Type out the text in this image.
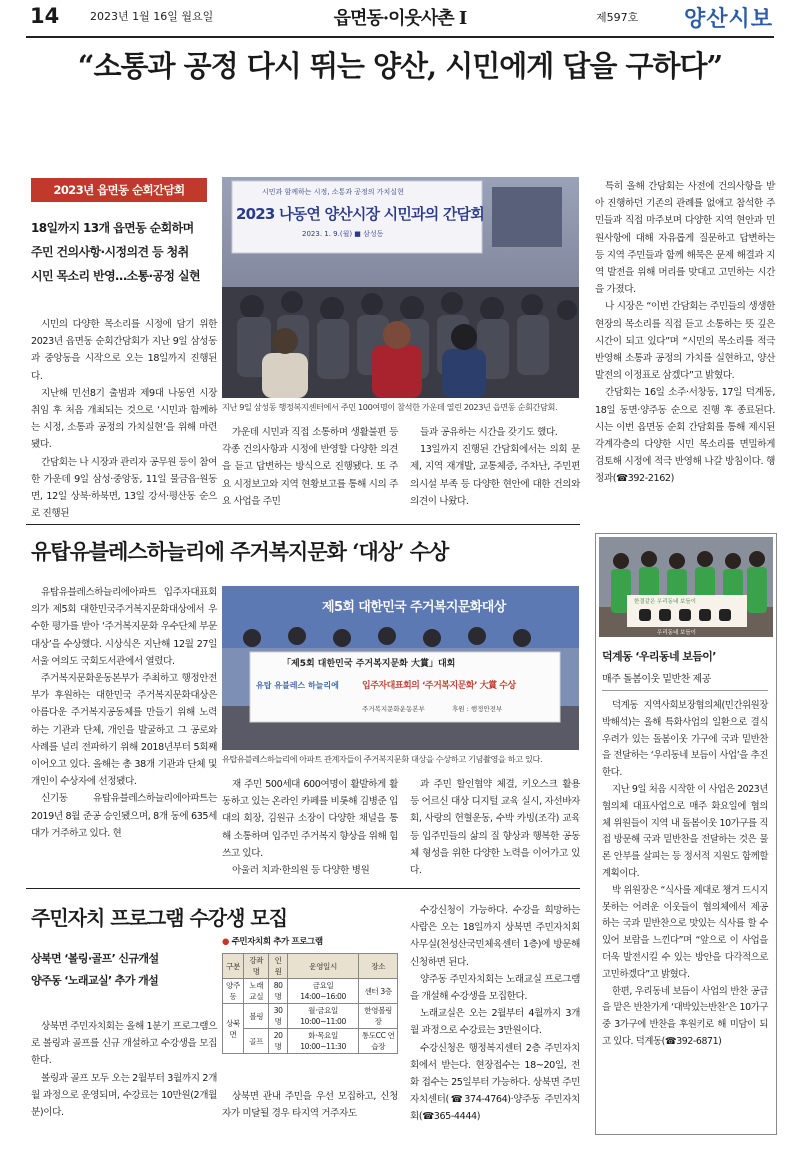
14	2023년 1월 16일 월요일	읍면동·이웃사촌 Ⅰ	제597호 양산시보
“소통과 공정 다시 뛰는 양산, 시민에게 답을 구하다”
2023년 읍면동 순회간담회
18일까지 13개 읍면동 순회하며
주민 건의사항·시정의견 등 청취
시민 목소리 반영…소통·공정 실현

시민의 다양한 목소리를 시정에 담기 위한 2023년 읍면동 순회간담회가 지난 9일 삼성동과 중앙동을 시작으로 오는 18일까지 진행된다.
지난해 민선8기 출범과 제9대 나동연 시장 취임 후 처음 개최되는 것으로 ‘시민과 함께하는 시정, 소통과 공정의 가치실현’을 위해 마련됐다.
간담회는 나 시장과 관리자 공무원 등이 참여한 가운데 9일 삼성·중앙동, 11일 물금읍·원동면, 12일 상북·하북면, 13일 강서·평산동 순으로 진행된

시민과 함께하는 시정, 소통과 공정의 가치실현
2023 나동연 양산시장 시민과의 간담회
2023. 1. 9.(월) ■ 삼성동
지난 9일 삼성동 행정복지센터에서 주민 100여명이 참석한 가운데 열린 2023년 읍면동 순회간담회.

가운데 시민과 직접 소통하며 생활불편 등 각종 건의사항과 시정에 반영할 다양한 의견을 듣고 답변하는 방식으로 진행됐다. 또 주요 시정보고와 지역 현황보고를 통해 시의 주요 사업을 주민

들과 공유하는 시간을 갖기도 했다.
13일까지 진행된 간담회에서는 의회 문제, 지역 재개발, 교통체증, 주차난, 주민편의시설 부족 등 다양한 현안에 대한 건의와 의견이 나왔다.

특히 올해 간담회는 사전에 건의사항을 받아 진행하던 기존의 관례를 없애고 참석한 주민들과 직접 마주보며 다양한 지역 현안과 민원사항에 대해 자유롭게 질문하고 답변하는 등 지역 주민들과 함께 해묵은 문제 해결과 지역 발전을 위해 머리를 맞대고 고민하는 시간을 가졌다.
나 시장은 “이번 간담회는 주민들의 생생한 현장의 목소리를 직접 듣고 소통하는 뜻 깊은 시간이 되고 있다”며 “시민의 목소리를 적극 반영해 소통과 공정의 가치를 실현하고, 양산 발전의 이정표로 삼겠다”고 밝혔다.
간담회는 16일 소주·서창동, 17일 덕계동, 18일 동면·양주동 순으로 진행 후 종료된다. 시는 이번 읍면동 순회 간담회를 통해 제시된 각계각층의 다양한 시민 목소리를 면밀하게 검토해 시정에 적극 반영해 나갈 방침이다. 행정과(☎392-2162)

유탑유블레스하늘리에 주거복지문화 ‘대상’ 수상

유탑유블레스하늘리에아파트 입주자대표회의가 제5회 대한민국주거복지문화대상에서 우수한 평가를 받아 ‘주거복지문화 우수단체 부문 대상’을 수상했다. 시상식은 지난해 12월 27일 서울 여의도 국회도서관에서 열렸다.
주거복지문화운동본부가 주최하고 행정안전부가 후원하는 대한민국 주거복지문화대상은 아름다운 주거복지공동체를 만들기 위해 노력하는 기관과 단체, 개인을 발굴하고 그 공로와 사례를 널리 전파하기 위해 2018년부터 5회째 이어오고 있다. 올해는 총 38개 기관과 단체 및 개인이 수상자에 선정됐다.
신기동 유탑유블레스하늘리에아파트는 2019년 8월 준공 승인됐으며, 8개 동에 635세대가 거주하고 있다. 현

제5회 대한민국 주거복지문화대상
「제5회 대한민국 주거복지문화 大賞」대회
유탑 유블레스 하늘리에	입주자대표회의 ‘주거복지문화’ 大賞 수상
주거복지문화운동본부	후원 : 행정안전부
유탑유블레스하늘리에 아파트 관계자들이 주거복지문화 대상을 수상하고 기념촬영을 하고 있다.

재 주민 500세대 600여명이 활발하게 활동하고 있는 온라인 카페를 비롯해 김병준 입대의 회장, 김원규 소장이 다양한 채널을 통해 소통하며 입주민 주거복지 향상을 위해 힘쓰고 있다.
아울러 치과·한의원 등 다양한 병원

과 주민 할인협약 체결, 키오스크 활용 등 어르신 대상 디지털 교육 실시, 자선바자회, 사랑의 헌혈운동, 수박 카빙(조각) 교육 등 입주민들의 삶의 질 향상과 행복한 공동체 형성을 위한 다양한 노력을 이어가고 있다.

주민자치 프로그램 수강생 모집
상북면 ‘볼링·골프’ 신규개설
양주동 ‘노래교실’ 추가 개설

상북면 주민자치회는 올해 1분기 프로그램으로 볼링과 골프를 신규 개설하고 수강생을 모집한다.
볼링과 골프 모두 오는 2월부터 3월까지 2개월 과정으로 운영되며, 수강료는 10만원(2개월분)이다.

● 주민자치회 추가 프로그램
구분	강좌명	인원	운영일시	장소
양주동	노래교실	80명	금요일 14:00~16:00	센터 3층
상북면	볼링	30명	월·금요일 10:00~11:00	한영볼링장
	골프	20명	화·목요일 10:00~11:30	통도CC 연습장

상북면 관내 주민을 우선 모집하고, 신청자가 미달될 경우 타지역 거주자도

수강신청이 가능하다. 수강을 희망하는 사람은 오는 18일까지 상북면 주민자치회 사무실(천성산국민체육센터 1층)에 방문해 신청하면 된다.
양주동 주민자치회는 노래교실 프로그램을 개설해 수강생을 모집한다.
노래교실은 오는 2월부터 4월까지 3개월 과정으로 수강료는 3만원이다.
수강신청은 행정복지센터 2층 주민자치회에서 받는다. 현장접수는 18~20일, 전화 접수는 25일부터 가능하다. 상북면 주민자치센터(☎374-4764)·양주동 주민자치회(☎365-4444)

한결같은 우리동네 보듬이
우리동네 보듬이
덕계동 ‘우리동네 보듬이’
매주 돌봄이웃 밑반찬 제공

덕계동 지역사회보장협의체(민간위원장 박해석)는 올해 특화사업의 일환으로 결식 우려가 있는 돌봄이웃 가구에 국과 밑반찬을 전달하는 ‘우리동네 보듬이 사업’을 추진한다.
지난 9일 처음 시작한 이 사업은 2023년 협의체 대표사업으로 매주 화요일에 협의체 위원들이 지역 내 돌봄이웃 10가구를 직접 방문해 국과 밑반찬을 전달하는 것은 물론 안부를 살피는 등 정서적 지원도 함께할 계획이다.
박 위원장은 “식사를 제대로 챙겨 드시지 못하는 어려운 이웃들이 협의체에서 제공하는 국과 밑반찬으로 맛있는 식사를 할 수 있어 보람을 느낀다”며 “앞으로 이 사업을 더욱 발전시킬 수 있는 방안을 다각적으로 고민하겠다”고 밝혔다.
한편, 우리동네 보듬이 사업의 반찬 공급을 맡은 반찬가게 ‘대박있는반찬’은 10가구 중 3가구에 반찬을 후원키로 해 미담이 되고 있다. 덕계동(☎392-6871)
